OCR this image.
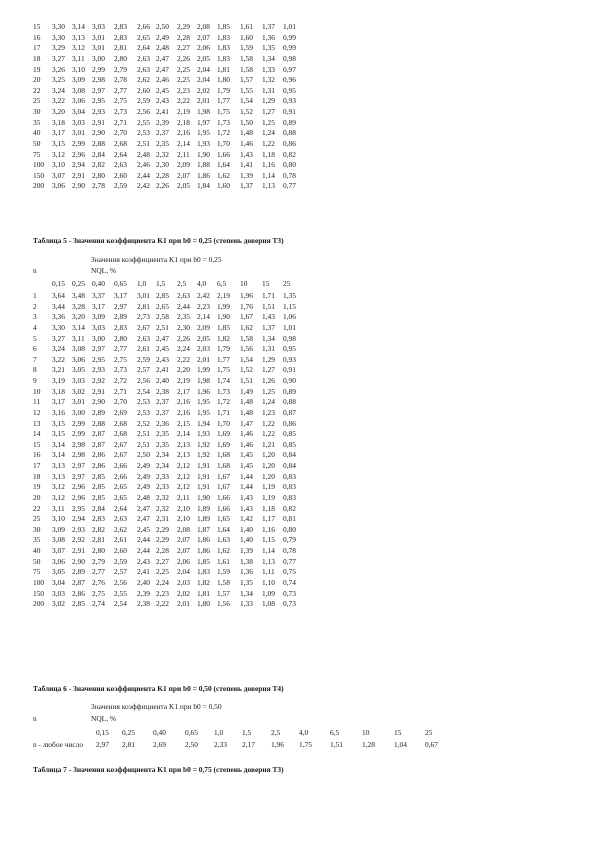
15 3,30 3,14 3,03 2,83 2,66 2,50 2,29 2,08 1,85 1,61 1,37 1,01
16 3,30 3,13 3,01 2,83 2,65 2,49 2,28 2,07 1,83 1,60 1,36 0,99
17 3,29 3,12 3,01 2,81 2,64 2,48 2,27 2,06 1,83 1,59 1,35 0,99
18 3,27 3,11 3,00 2,80 2,63 2,47 2,26 2,05 1,83 1,58 1,34 0,98
19 3,26 3,10 2,99 2,79 2,63 2,47 2,25 2,04 1,81 1,58 1,33 0,97
20 3,25 3,09 2,98 2,78 2,62 2,46 2,25 2,04 1,80 1,57 1,32 0,96
22 3,24 3,08 2,97 2,77 2,60 2,45 2,23 2,02 1,79 1,55 1,31 0,95
25 3,22 3,06 2,95 2,75 2,59 2,43 2,22 2,01 1,77 1,54 1,29 0,93
30 3,20 3,04 2,93 2,73 2,56 2,41 2,19 1,98 1,75 1,52 1,27 0,91
35 3,18 3,03 2,91 2,71 2,55 2,39 2,18 1,97 1,73 1,50 1,25 0,89
40 3,17 3,01 2,90 2,70 2,53 2,37 2,16 1,95 1,72 1,48 1,24 0,88
50 3,15 2,99 2,88 2,68 2,51 2,35 2,14 1,93 1,70 1,46 1,22 0,86
75 3,12 2,96 2,84 2,64 2,48 2,32 2,11 1,90 1,66 1,43 1,18 0,82
100 3,10 2,94 2,82 2,63 2,46 2,30 2,09 1,88 1,64 1,41 1,16 0,80
150 3,07 2,91 2,80 2,60 2,44 2,28 2,07 1,86 1,62 1,39 1,14 0,78
200 3,06 2,90 2,78 2,59 2,42 2,26 2,05 1,84 1,60 1,37 1,13 0,77
Таблица 5 - Значения коэффициента K1 при b0 = 0,25 (степень доверия Т3)
Значения коэффициента K1 при b0 = 0,25
n	NQL, %
0,15 0,25 0,40 0,65 1,0 1,5 2,5 4,0 6,5 10 15 25
1 3,64 3,48 3,37 3,17 3,01 2,85 2,63 2,42 2,19 1,96 1,71 1,35
2 3,44 3,28 3,17 2,97 2,81 2,65 2,44 2,23 1,99 1,76 1,51 1,15
3 3,36 3,20 3,09 2,89 2,73 2,58 2,35 2,14 1,90 1,67 1,43 1,06
4 3,30 3,14 3,03 2,83 2,67 2,51 2,30 2,09 1,85 1,62 1,37 1,01
5 3,27 3,11 3,00 2,80 2,63 2,47 2,26 2,05 1,82 1,58 1,34 0,98
6 3,24 3,08 2,97 2,77 2,61 2,45 2,24 2,03 1,79 1,56 1,31 0,95
7 3,22 3,06 2,95 2,75 2,59 2,43 2,22 2,01 1,77 1,54 1,29 0,93
8 3,21 3,05 2,93 2,73 2,57 2,41 2,20 1,99 1,75 1,52 1,27 0,91
9 3,19 3,03 2,92 2,72 2,56 2,40 2,19 1,98 1,74 1,51 1,26 0,90
10 3,18 3,02 2,91 2,71 2,54 2,38 2,17 1,96 1,73 1,49 1,25 0,89
11 3,17 3,01 2,90 2,70 2,53 2,37 2,16 1,95 1,72 1,48 1,24 0,88
12 3,16 3,00 2,89 2,69 2,53 2,37 2,16 1,95 1,71 1,48 1,23 0,87
13 3,15 2,99 2,88 2,68 2,52 2,36 2,15 1,94 1,70 1,47 1,22 0,86
14 3,15 2,99 2,87 2,68 2,51 2,35 2,14 1,93 1,69 1,46 1,22 0,85
15 3,14 2,98 2,87 2,67 2,51 2,35 2,13 1,92 1,69 1,46 1,21 0,85
16 3,14 2,98 2,86 2,67 2,50 2,34 2,13 1,92 1,68 1,45 1,20 0,84
17 3,13 2,97 2,86 2,66 2,49 2,34 2,12 1,91 1,68 1,45 1,20 0,84
18 3,13 2,97 2,85 2,66 2,49 2,33 2,12 1,91 1,67 1,44 1,20 0,83
19 3,12 2,96 2,85 2,65 2,49 2,33 2,12 1,91 1,67 1,44 1,19 0,83
20 3,12 2,96 2,85 2,65 2,48 2,32 2,11 1,90 1,66 1,43 1,19 0,83
22 3,11 2,95 2,84 2,64 2,47 2,32 2,10 1,89 1,66 1,43 1,18 0,82
25 3,10 2,94 2,83 2,63 2,47 2,31 2,10 1,89 1,65 1,42 1,17 0,81
30 3,09 2,93 2,82 2,62 2,45 2,29 2,08 1,87 1,64 1,40 1,16 0,80
35 3,08 2,92 2,81 2,61 2,44 2,29 2,07 1,86 1,63 1,40 1,15 0,79
40 3,07 2,91 2,80 2,60 2,44 2,28 2,07 1,86 1,62 1,39 1,14 0,78
50 3,06 2,90 2,79 2,59 2,43 2,27 2,06 1,85 1,61 1,38 1,13 0,77
75 3,05 2,89 2,77 2,57 2,41 2,25 2,04 1,83 1,59 1,36 1,11 0,75
100 3,04 2,87 2,76 2,56 2,40 2,24 2,03 1,82 1,58 1,35 1,10 0,74
150 3,03 2,86 2,75 2,55 2,39 2,23 2,02 1,81 1,57 1,34 1,09 0,73
200 3,02 2,85 2,74 2,54 2,38 2,22 2,01 1,80 1,56 1,33 1,08 0,73
Таблица 6 - Значения коэффициента K1 при b0 = 0,50 (степень доверия Т4)
Значения коэффициента K1 при b0 = 0,50
n	NQL, %
0,15 0,25 0,40	0,65 1,0	1,5	2,5	4,0	6,5	10	15	25
n - любое число 2,97 2,81 2,69	2,50 2,33 2,17 1,96 1,75 1,51	1,28	1,04 0,67
Таблица 7 - Значения коэффициента K1 при b0 = 0,75 (степень доверия Т3)
